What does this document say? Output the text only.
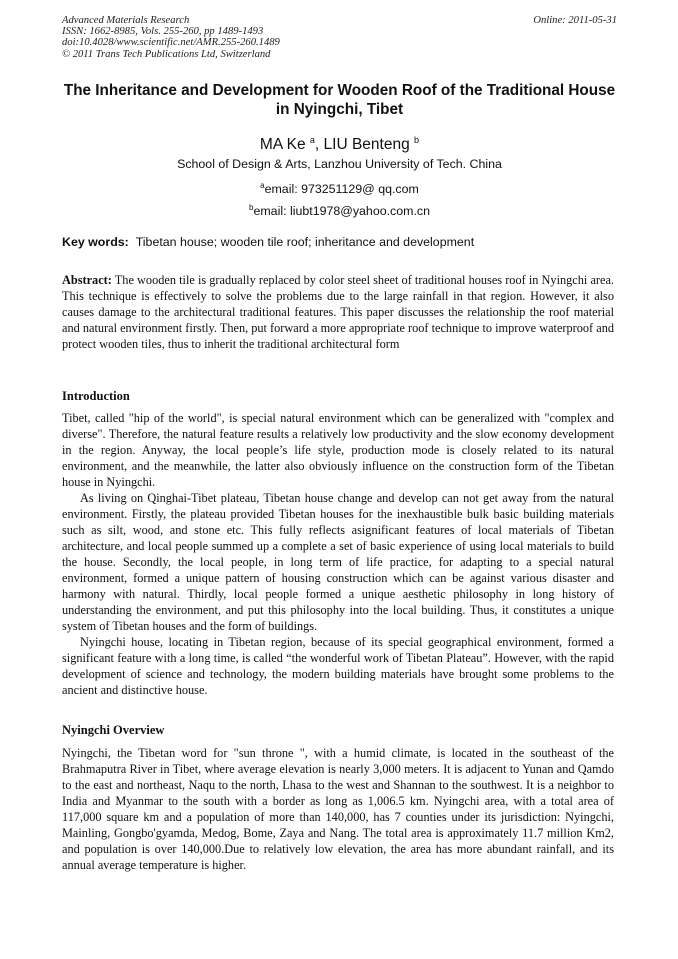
Advanced Materials Research
ISSN: 1662-8985, Vols. 255-260, pp 1489-1493
doi:10.4028/www.scientific.net/AMR.255-260.1489
© 2011 Trans Tech Publications Ltd, Switzerland
Online: 2011-05-31
The Inheritance and Development for Wooden Roof of the Traditional House in Nyingchi, Tibet
MA Ke $^a$, LIU Benteng $^b$
School of Design & Arts, Lanzhou University of Tech. China
$^a$email: 973251129@ qq.com
$^b$email: liubt1978@yahoo.com.cn
Key words: Tibetan house; wooden tile roof; inheritance and development
Abstract: The wooden tile is gradually replaced by color steel sheet of traditional houses roof in Nyingchi area. This technique is effectively to solve the problems due to the large rainfall in that region. However, it also causes damage to the architectural traditional features. This paper discusses the relationship the roof material and natural environment firstly. Then, put forward a more appropriate roof technique to improve waterproof and protect wooden tiles, thus to inherit the traditional architectural form
Introduction

Tibet, called "hip of the world", is special natural environment which can be generalized with "complex and diverse". Therefore, the natural feature results a relatively low productivity and the slow economy development in the region. Anyway, the local people’s life style, production mode is closely related to its natural environment, and the meanwhile, the latter also obviously influence on the construction form of the Tibetan house in Nyingchi.

As living on Qinghai-Tibet plateau, Tibetan house change and develop can not get away from the natural environment. Firstly, the plateau provided Tibetan houses for the inexhaustible bulk basic building materials such as silt, wood, and stone etc. This fully reflects asignificant features of local materials of Tibetan architecture, and local people summed up a complete a set of basic experience of using local materials to build the house. Secondly, the local people, in long term of life practice, for adapting to a special natural environment, formed a unique pattern of housing construction which can be against various disaster and harmony with natural. Thirdly, local people formed a unique aesthetic philosophy in long history of understanding the environment, and put this philosophy into the local building. Thus, it constitutes a unique system of Tibetan houses and the form of buildings.

Nyingchi house, locating in Tibetan region, because of its special geographical environment, formed a significant feature with a long time, is called “the wonderful work of Tibetan Plateau”. However, with the rapid development of science and technology, the modern building materials have brought some problems to the ancient and distinctive house.

Nyingchi Overview

Nyingchi, the Tibetan word for "sun throne ", with a humid climate, is located in the southeast of the Brahmaputra River in Tibet, where average elevation is nearly 3,000 meters. It is adjacent to Yunan and Qamdo to the east and northeast, Naqu to the north, Lhasa to the west and Shannan to the southwest. It is a neighbor to India and Myanmar to the south with a border as long as 1,006.5 km. Nyingchi area, with a total area of 117,000 square km and a population of more than 140,000, has 7 counties under its jurisdiction: Nyingchi, Mainling, Gongbo'gyamda, Medog, Bome, Zaya and Nang. The total area is approximately 11.7 million Km2, and population is over 140,000.Due to relatively low elevation, the area has more abundant rainfall, and its annual average temperature is higher.
